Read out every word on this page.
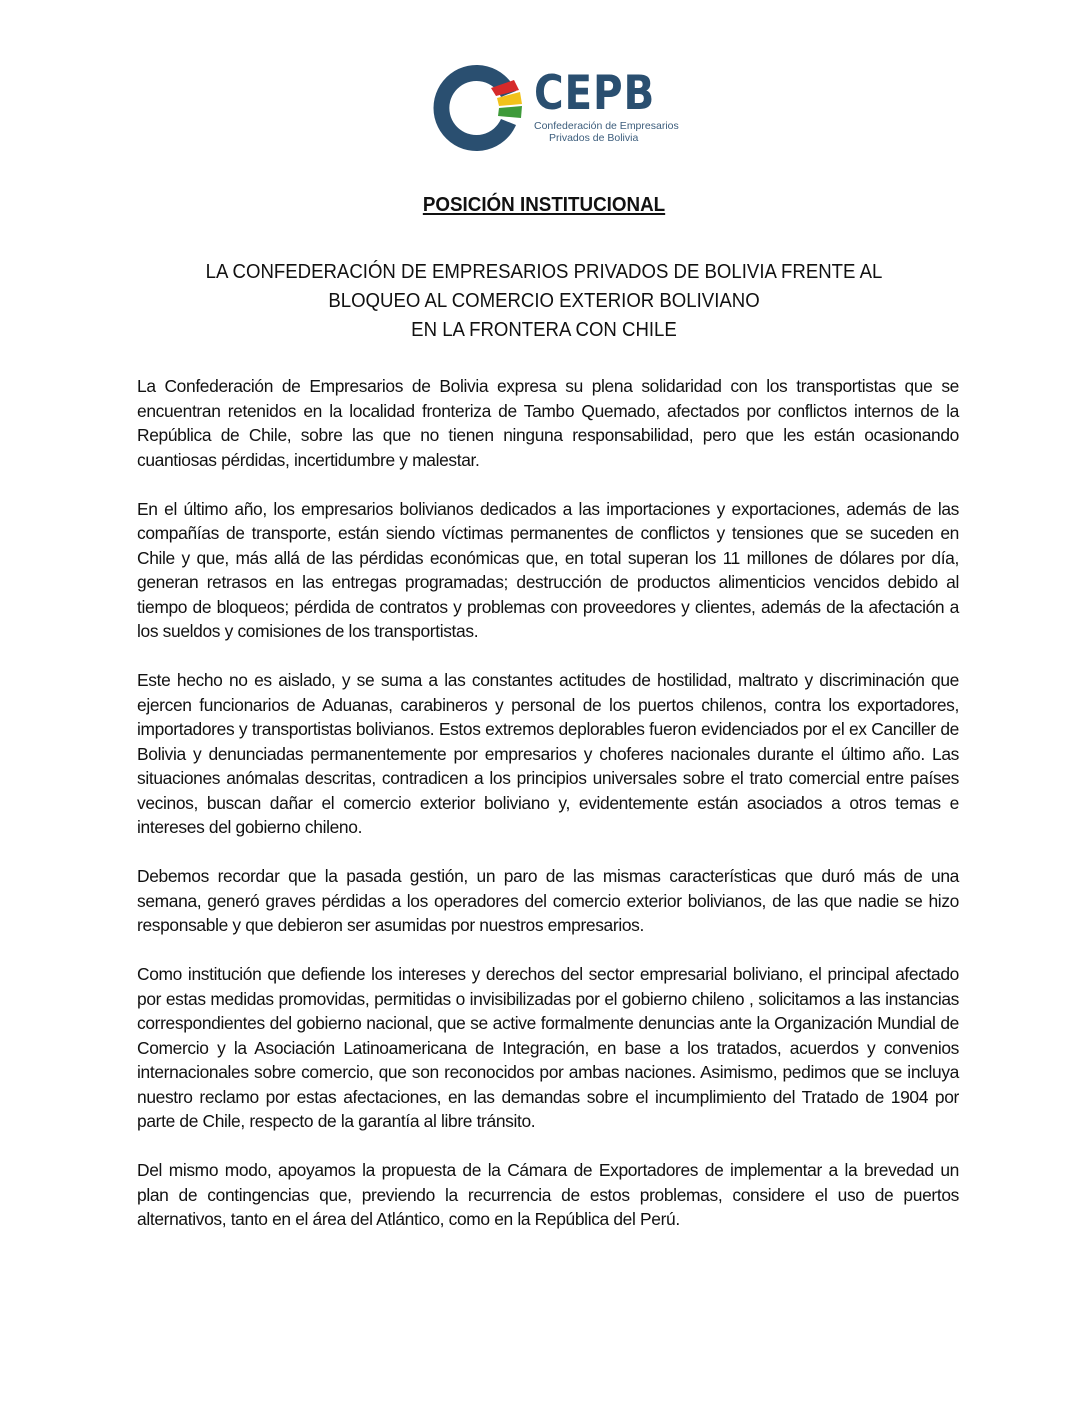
CEPB
Confederación de Empresarios
Privados de Bolivia
POSICIÓN INSTITUCIONAL
LA CONFEDERACIÓN DE EMPRESARIOS PRIVADOS DE BOLIVIA FRENTE AL
BLOQUEO AL COMERCIO EXTERIOR BOLIVIANO
EN LA FRONTERA CON CHILE

La Confederación de Empresarios de Bolivia expresa su plena solidaridad con los transportistas que se encuentran retenidos en la localidad fronteriza de Tambo Quemado, afectados por conflictos internos de la República de Chile, sobre las que no tienen ninguna responsabilidad, pero que les están ocasionando cuantiosas pérdidas, incertidumbre y malestar.

En el último año, los empresarios bolivianos dedicados a las importaciones y exportaciones, además de las compañías de transporte, están siendo víctimas permanentes de conflictos y tensiones que se suceden en Chile y que, más allá de las pérdidas económicas que, en total superan los 11 millones de dólares por día, generan retrasos en las entregas programadas; destrucción de productos alimenticios vencidos debido al tiempo de bloqueos; pérdida de contratos y problemas con proveedores y clientes, además de la afectación a los sueldos y comisiones de los transportistas.

Este hecho no es aislado, y se suma a las constantes actitudes de hostilidad, maltrato y discriminación que ejercen funcionarios de Aduanas, carabineros y personal de los puertos chilenos, contra los exportadores, importadores y transportistas bolivianos. Estos extremos deplorables fueron evidenciados por el ex Canciller de Bolivia y denunciadas permanentemente por empresarios y choferes nacionales durante el último año. Las situaciones anómalas descritas, contradicen a los principios universales sobre el trato comercial entre países vecinos, buscan dañar el comercio exterior boliviano y, evidentemente están asociados a otros temas e intereses del gobierno chileno.

Debemos recordar que la pasada gestión, un paro de las mismas características que duró más de una semana, generó graves pérdidas a los operadores del comercio exterior bolivianos, de las que nadie se hizo responsable y que debieron ser asumidas por nuestros empresarios.

Como institución que defiende los intereses y derechos del sector empresarial boliviano, el principal afectado por estas medidas promovidas, permitidas o invisibilizadas por el gobierno chileno , solicitamos a las instancias correspondientes del gobierno nacional, que se active formalmente denuncias ante la Organización Mundial de Comercio y la Asociación Latinoamericana de Integración, en base a los tratados, acuerdos y convenios internacionales sobre comercio, que son reconocidos por ambas naciones. Asimismo, pedimos que se incluya nuestro reclamo por estas afectaciones, en las demandas sobre el incumplimiento del Tratado de 1904 por parte de Chile, respecto de la garantía al libre tránsito.

Del mismo modo, apoyamos la propuesta de la Cámara de Exportadores de implementar a la brevedad un plan de contingencias que, previendo la recurrencia de estos problemas, considere el uso de puertos alternativos, tanto en el área del Atlántico, como en la República del Perú.
